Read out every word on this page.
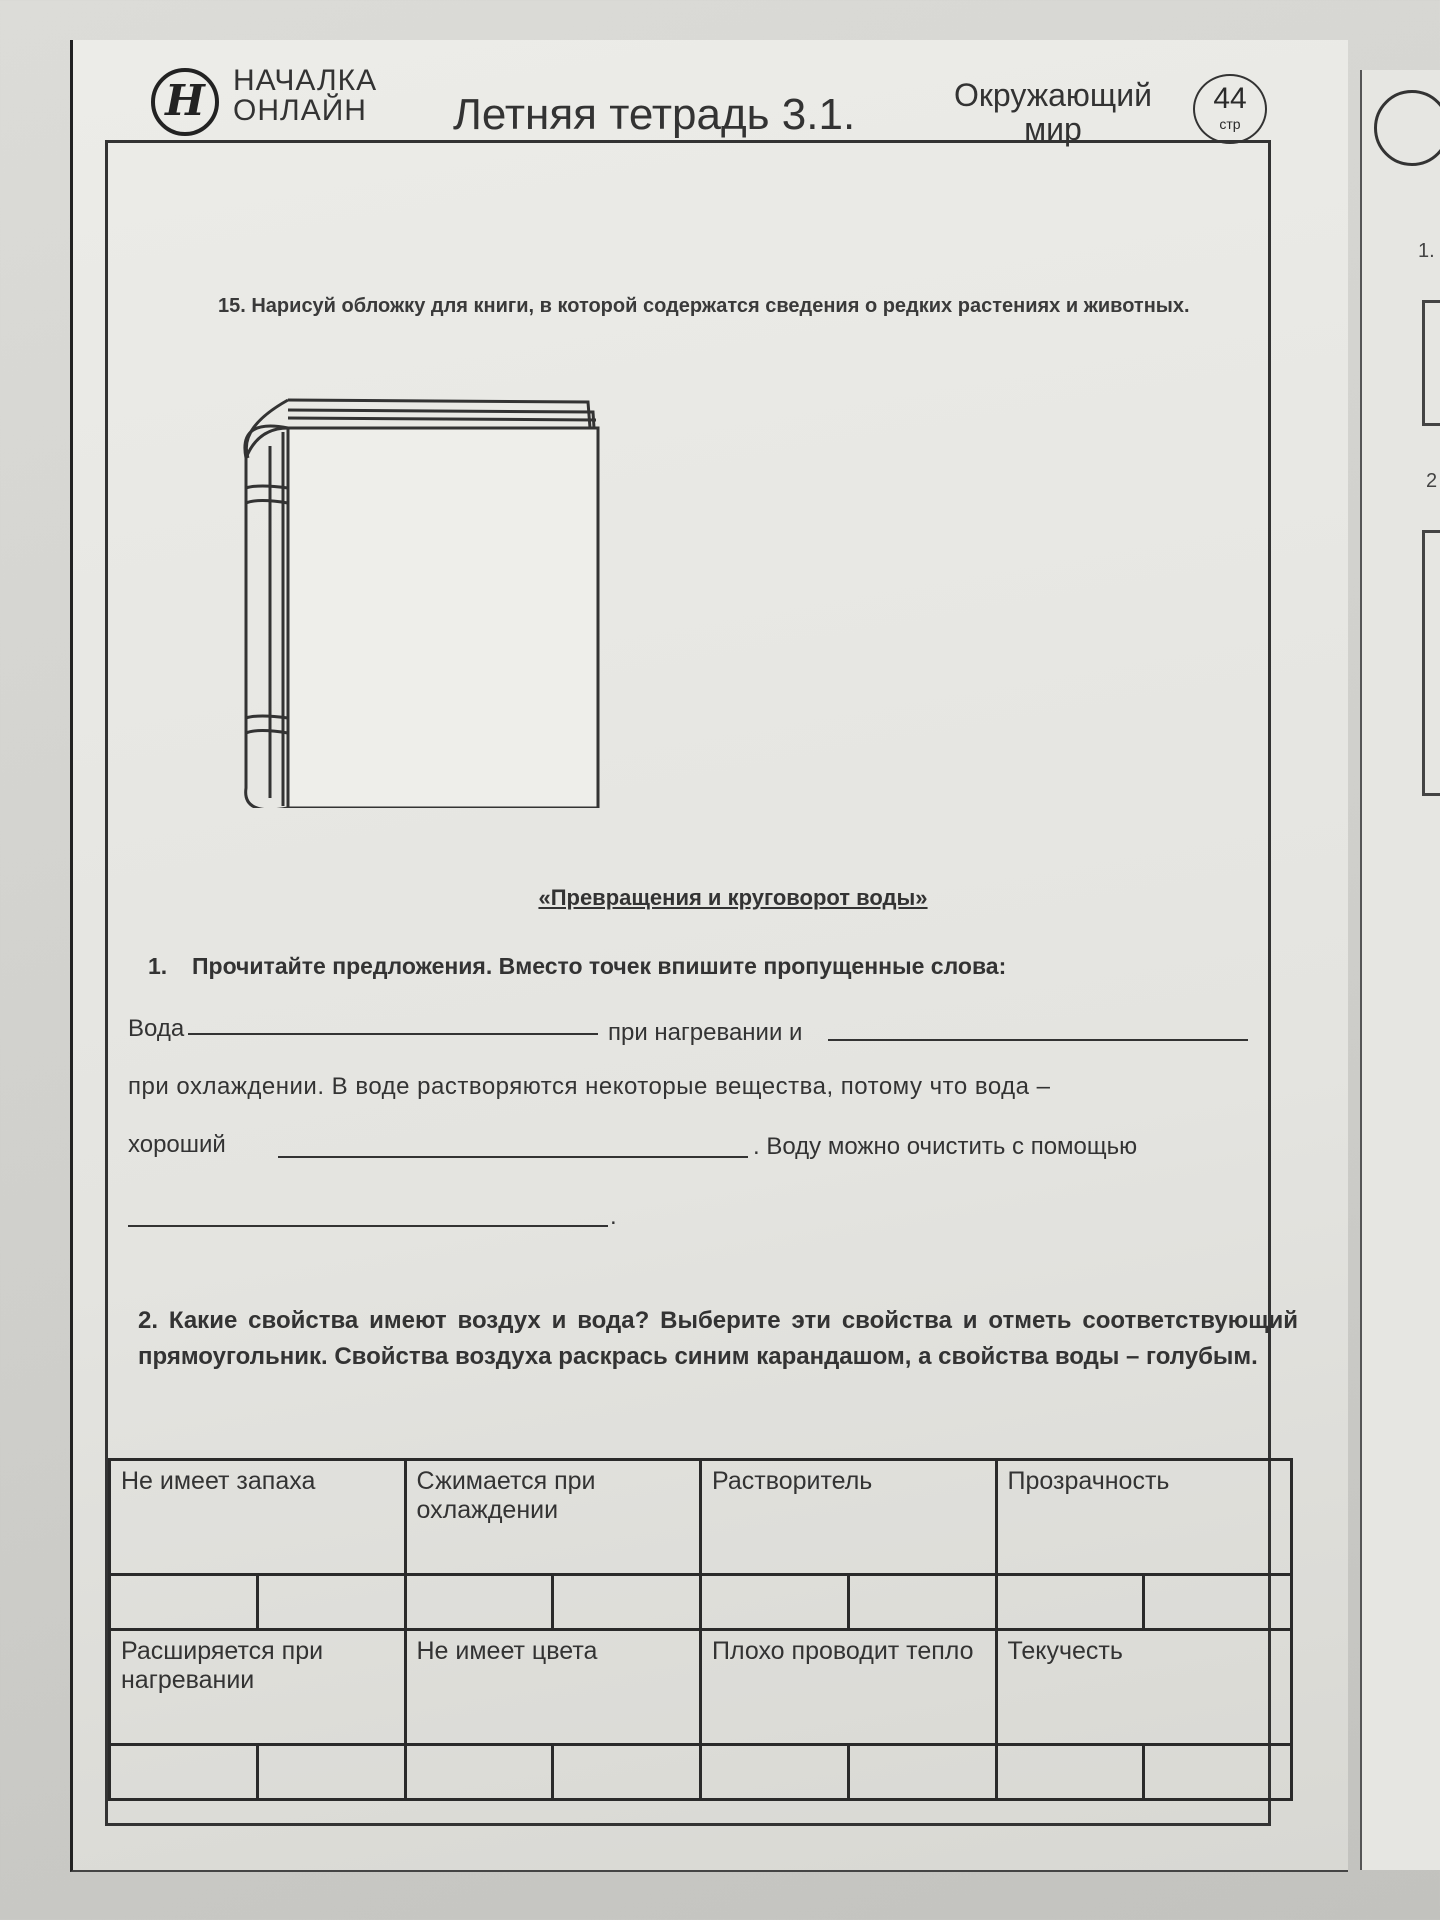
1.
2
Н НАЧАЛКА
ОНЛАЙН Летняя тетрадь 3.1.	Окружающий
мир
44
стр
15. Нарисуй обложку для книги, в которой содержатся сведения о редких растениях и животных.
«Превращения и круговорот воды»
1. Прочитайте предложения. Вместо точек впишите пропущенные слова:
Вода	при нагревании и
при охлаждении. В воде растворяются некоторые вещества, потому что вода –
хороший	. Воду можно очистить с помощью
.
2. Какие свойства имеют воздух и вода? Выберите эти свойства и отметь соответствующий прямоугольник. Свойства воздуха раскрась синим карандашом, а свойства воды – голубым.
Не имеет запаха		Сжимается при охлаждении		Растворитель		Прозрачность	

Расширяется при нагревании		Не имеет цвета		Плохо проводит тепло		Текучесть	
